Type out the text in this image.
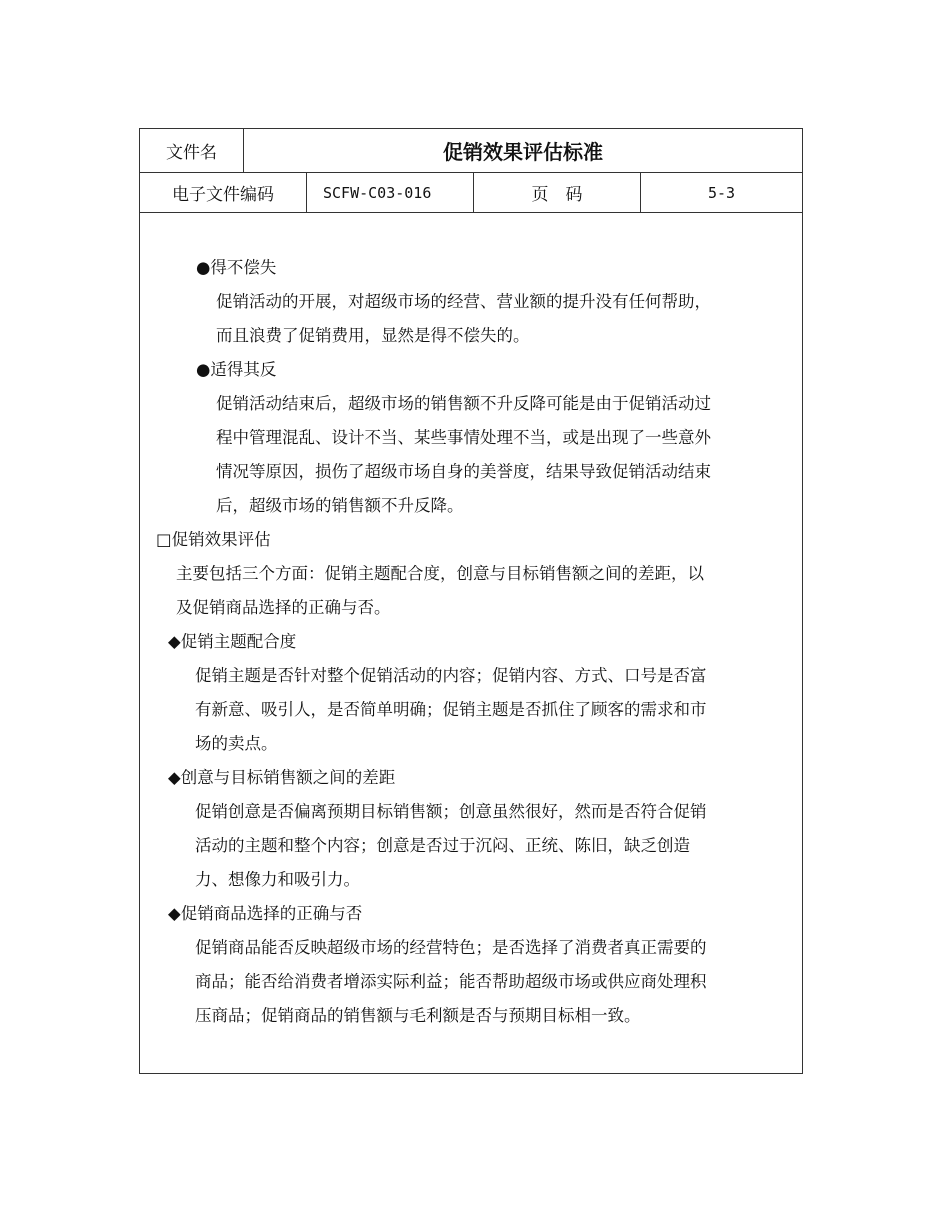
文件名	促销效果评估标准
电子文件编码	SCFW-C03-016	页　码	5-3
●得不偿失
促销活动的开展，对超级市场的经营、营业额的提升没有任何帮助，
而且浪费了促销费用，显然是得不偿失的。
●适得其反
促销活动结束后，超级市场的销售额不升反降可能是由于促销活动过
程中管理混乱、设计不当、某些事情处理不当，或是出现了一些意外
情况等原因，损伤了超级市场自身的美誉度，结果导致促销活动结束
后，超级市场的销售额不升反降。
□促销效果评估
主要包括三个方面：促销主题配合度，创意与目标销售额之间的差距，以
及促销商品选择的正确与否。
◆促销主题配合度
促销主题是否针对整个促销活动的内容；促销内容、方式、口号是否富
有新意、吸引人，是否简单明确；促销主题是否抓住了顾客的需求和市
场的卖点。
◆创意与目标销售额之间的差距
促销创意是否偏离预期目标销售额；创意虽然很好，然而是否符合促销
活动的主题和整个内容；创意是否过于沉闷、正统、陈旧，缺乏创造
力、想像力和吸引力。
◆促销商品选择的正确与否
促销商品能否反映超级市场的经营特色；是否选择了消费者真正需要的
商品；能否给消费者增添实际利益；能否帮助超级市场或供应商处理积
压商品；促销商品的销售额与毛利额是否与预期目标相一致。
